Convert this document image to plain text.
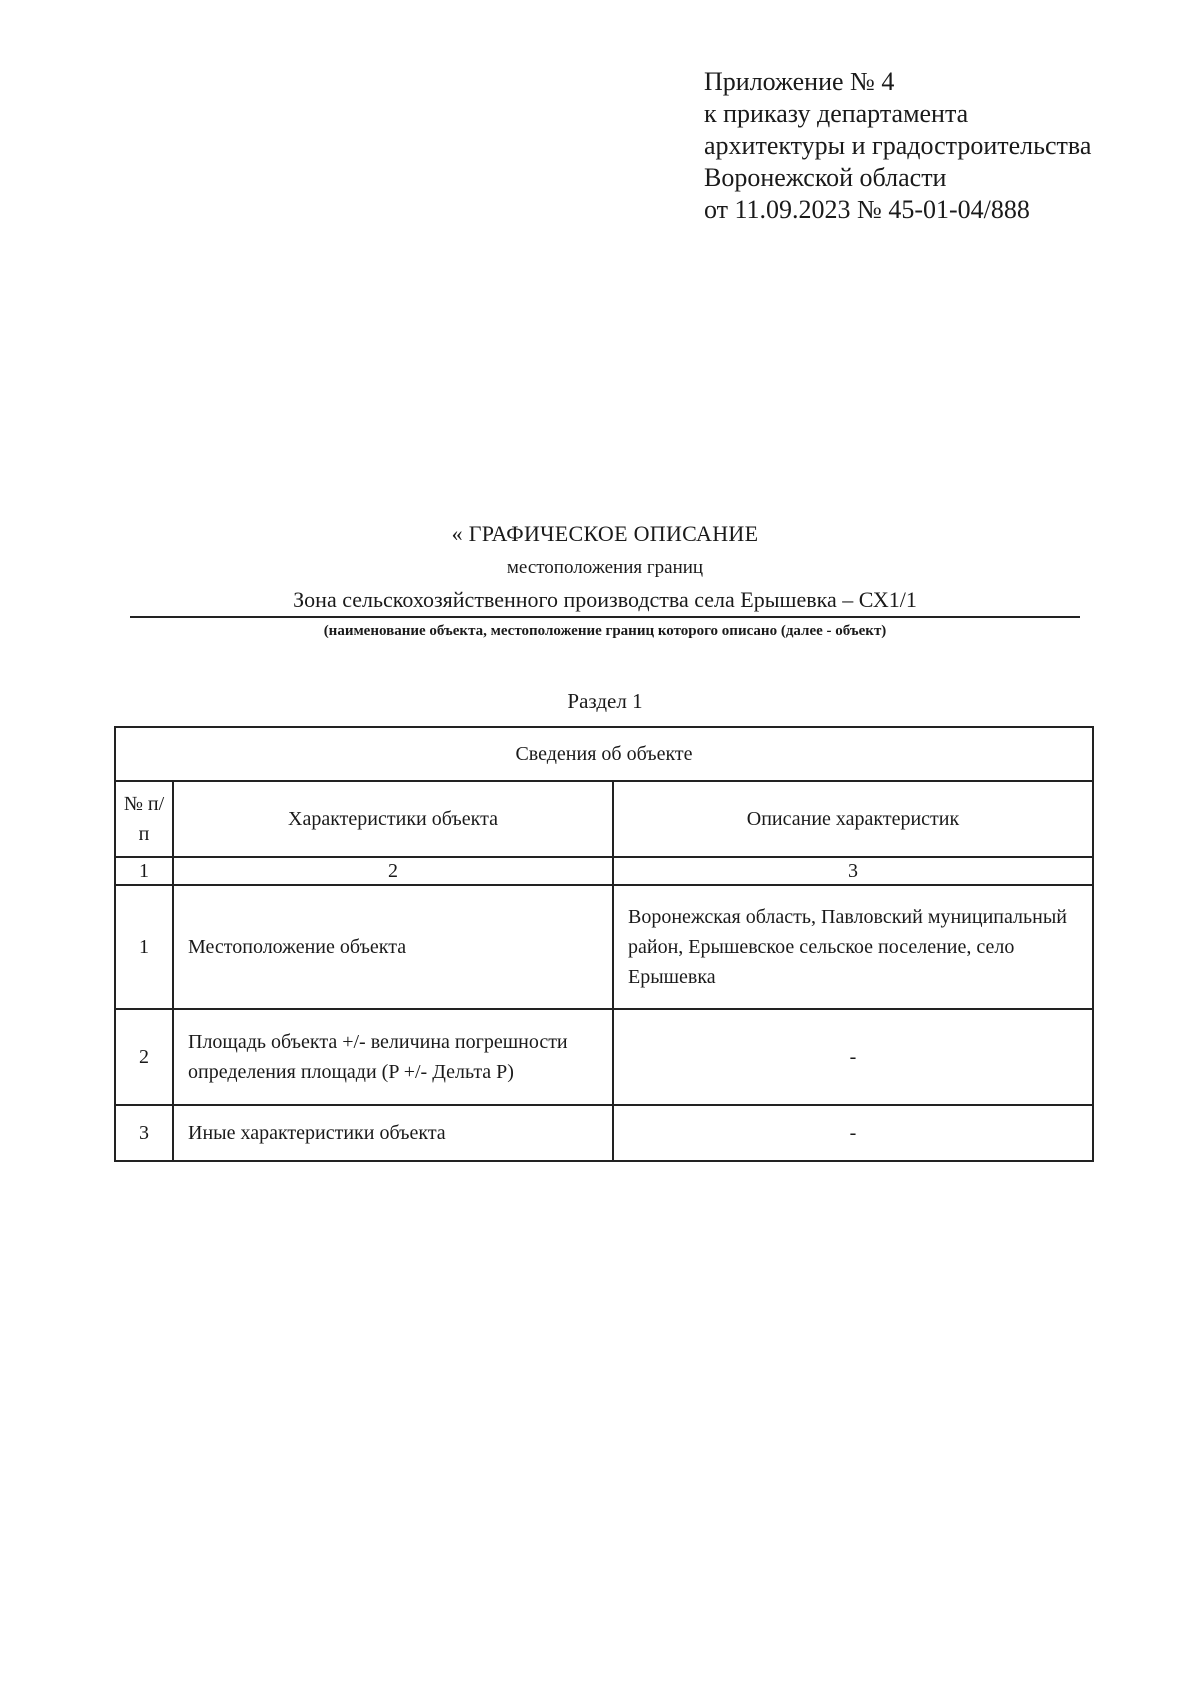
Приложение № 4
к приказу департамента
архитектуры и градостроительства
Воронежской области
от 11.09.2023 № 45-01-04/888
« ГРАФИЧЕСКОЕ ОПИСАНИЕ
местоположения границ
Зона сельскохозяйственного производства села Ерышевка – СХ1/1
(наименование объекта, местоположение границ которого описано (далее - объект)
Раздел 1
Сведения об объекте		
№ п/п	Характеристики объекта	Описание характеристик
1	2	3
1	Местоположение объекта	Воронежская область, Павловский муниципальный район, Ерышевское сельское поселение, село Ерышевка
2	Площадь объекта +/- величина погрешности определения площади (P +/- Дельта P)	-
3	Иные характеристики объекта	-
